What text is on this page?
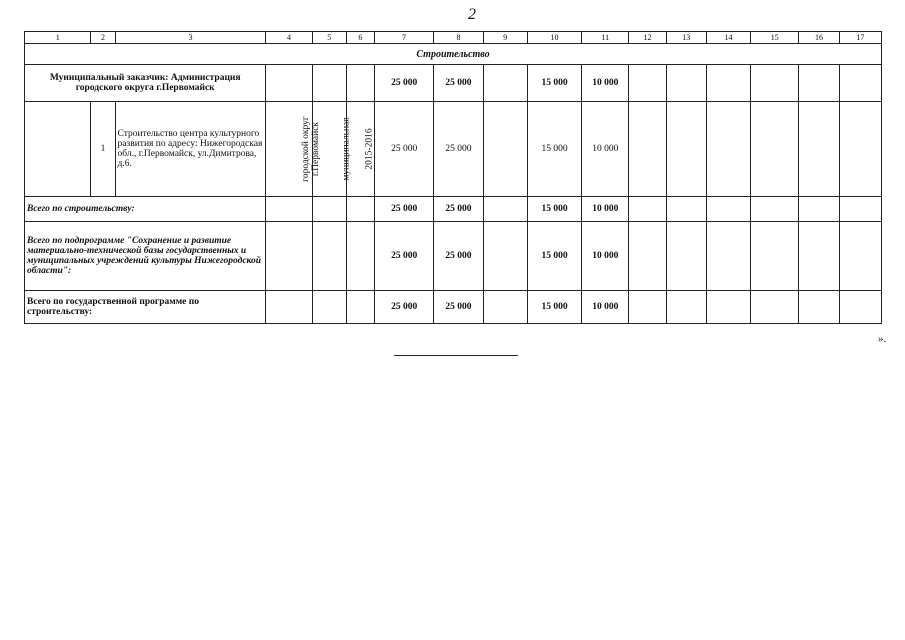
2
1	2	3	4	5	6	7	8	9	10	11	12	13	14	15	16	17
Строительство																
Муниципальный заказчик: Администрация городского округа г.Первомайск						25 000	25 000		15 000	10 000						
	1	Строительство центра культурного развития по адресу: Нижегородская обл., г.Первомайск, ул.Димитрова, д.6.	городской округ г.Первомайск	муниципальная	2015-2016	25 000	25 000		15 000	10 000						
Всего по строительству:						25 000	25 000		15 000	10 000						
Всего по подпрограмме "Сохранение и развитие материально-технической базы государственных и муниципальных учреждений культуры Нижегородской области":						25 000	25 000		15 000	10 000						
Всего по государственной программе по строительству:						25 000	25 000		15 000	10 000						
».
